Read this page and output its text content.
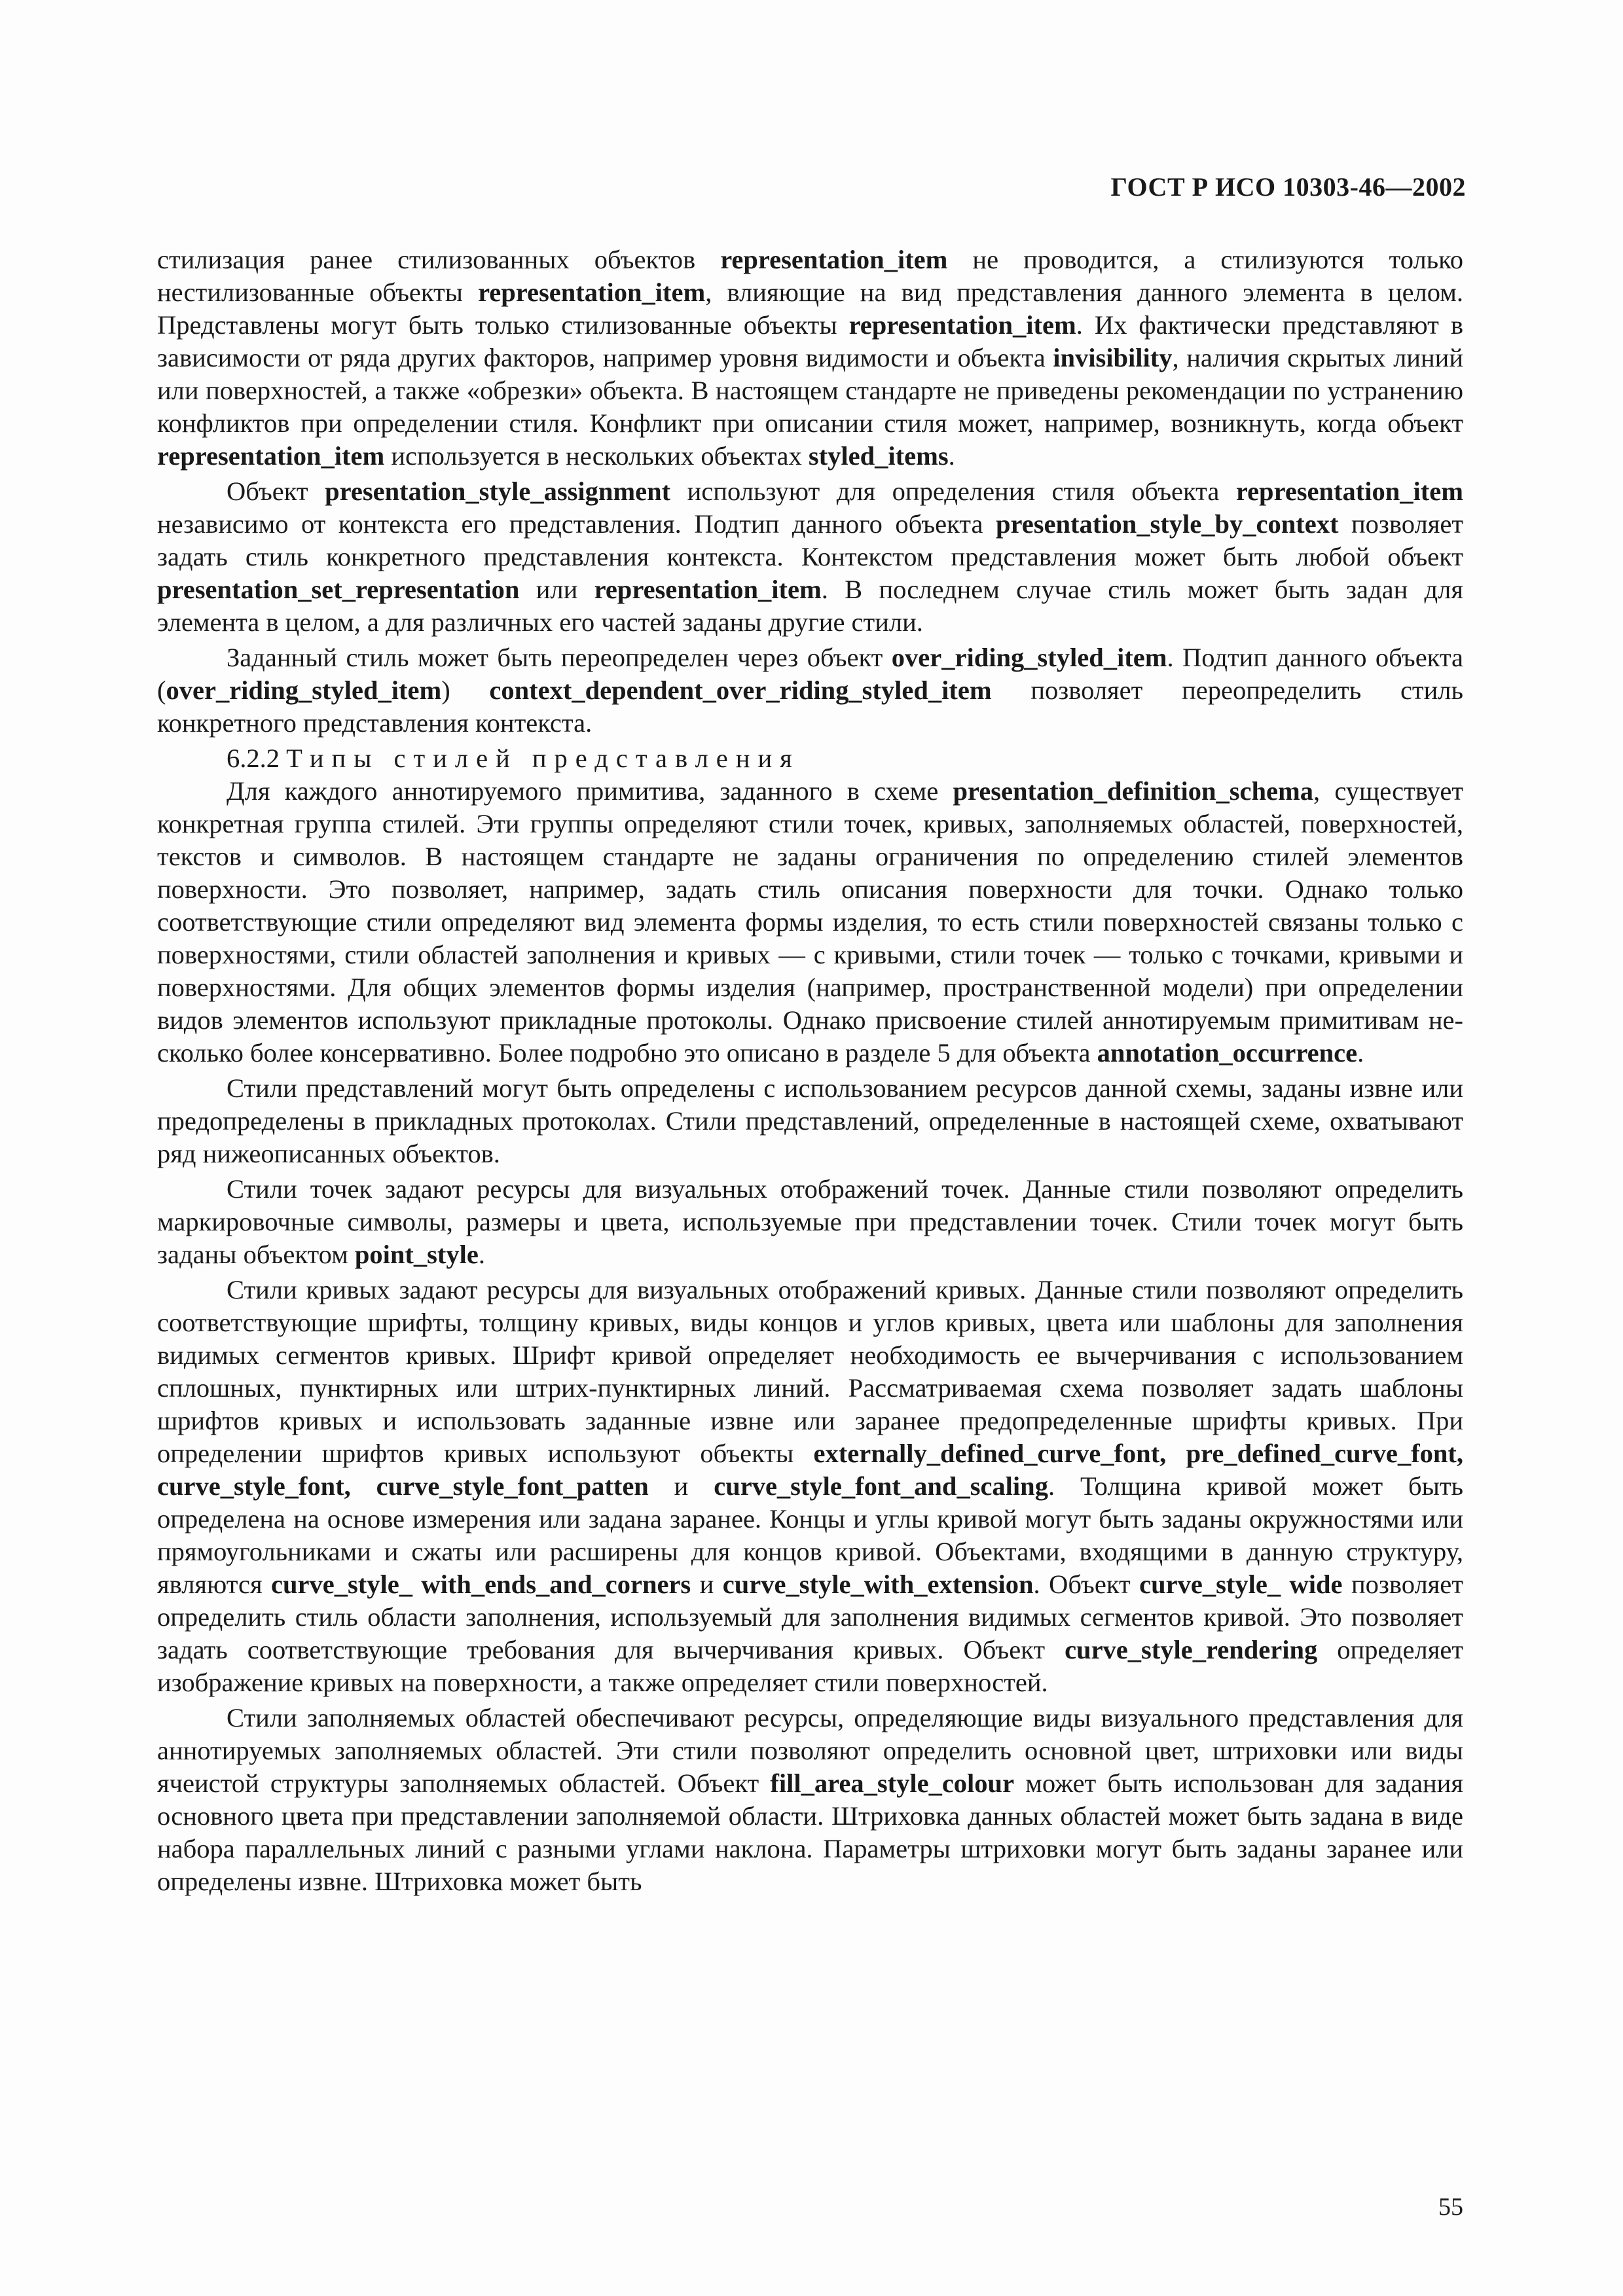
ГОСТ Р ИСО 10303-46—2002

стилизация ранее стилизованных объектов representation_item не проводится, а стилизуются только нестилизованные объекты representation_item, влияющие на вид представления данного элемента в целом. Представлены могут быть только стилизованные объекты representation_item. Их фактически представляют в зависимости от ряда других факторов, например уровня видимости и объекта invisibility, наличия скрытых линий или поверхностей, а также «обрезки» объекта. В настоящем стандарте не приведены рекомендации по устранению конфликтов при определении стиля. Конфликт при описании стиля может, например, возникнуть, когда объект representation_item используется в нескольких объектах styled_items.

Объект presentation_style_assignment используют для определения стиля объекта representation_item независимо от контекста его представления. Подтип данного объекта presentation_style_by_context позволяет задать стиль конкретного представления контекста. Контекстом представления может быть любой объект presentation_set_representation или representation_item. В последнем случае стиль может быть задан для элемента в целом, а для различных его частей заданы другие стили.

Заданный стиль может быть переопределен через объект over_riding_styled_item. Подтип данного объекта (over_riding_styled_item) context_dependent_over_riding_styled_item позволяет переопределить стиль конкретного представления контекста.

6.2.2 Типы стилей представления

Для каждого аннотируемого примитива, заданного в схеме presentation_definition_schema, существует конкретная группа стилей. Эти группы определяют стили точек, кривых, заполняемых областей, поверхностей, текстов и символов. В настоящем стандарте не заданы ограничения по определению стилей элементов поверхности. Это позволяет, например, задать стиль описания поверхности для точки. Однако только соответствующие стили определяют вид элемента формы изделия, то есть стили поверхностей связаны только с поверхностями, стили областей заполнения и кривых — с кривыми, стили точек — только с точками, кривыми и поверхностями. Для общих элементов формы изделия (например, пространственной модели) при определении видов элементов используют прикладные протоколы. Однако присвоение стилей аннотируемым примитивам несколько более консервативно. Более подробно это описано в разделе 5 для объекта annotation_occurrence.

Стили представлений могут быть определены с использованием ресурсов данной схемы, заданы извне или предопределены в прикладных протоколах. Стили представлений, определенные в настоящей схеме, охватывают ряд нижеописанных объектов.

Стили точек задают ресурсы для визуальных отображений точек. Данные стили позволяют определить маркировочные символы, размеры и цвета, используемые при представлении точек. Стили точек могут быть заданы объектом point_style.

Стили кривых задают ресурсы для визуальных отображений кривых. Данные стили позволяют определить соответствующие шрифты, толщину кривых, виды концов и углов кривых, цвета или шаблоны для заполнения видимых сегментов кривых. Шрифт кривой определяет необходимость ее вычерчивания с использованием сплошных, пунктирных или штрих-пунктирных линий. Рассматриваемая схема позволяет задать шаблоны шрифтов кривых и использовать заданные извне или заранее предопределенные шрифты кривых. При определении шрифтов кривых используют объекты externally_defined_curve_font, pre_defined_curve_font, curve_style_font, curve_style_font_patten и curve_style_font_and_scaling. Толщина кривой может быть определена на основе измерения или задана заранее. Концы и углы кривой могут быть заданы окружностями или прямоугольниками и сжаты или расширены для концов кривой. Объектами, входящими в данную структуру, являются curve_style_ with_ends_and_corners и curve_style_with_extension. Объект curve_style_ wide позволяет определить стиль области заполнения, используемый для заполнения видимых сегментов кривой. Это позволяет задать соответствующие требования для вычерчивания кривых. Объект curve_style_rendering определяет изображение кривых на поверхности, а также определяет стили поверхностей.

Стили заполняемых областей обеспечивают ресурсы, определяющие виды визуального представления для аннотируемых заполняемых областей. Эти стили позволяют определить основной цвет, штриховки или виды ячеистой структуры заполняемых областей. Объект fill_area_style_colour может быть использован для задания основного цвета при представлении заполняемой области. Штриховка данных областей может быть задана в виде набора параллельных линий с разными углами наклона. Параметры штриховки могут быть заданы заранее или определены извне. Штриховка может быть

55
